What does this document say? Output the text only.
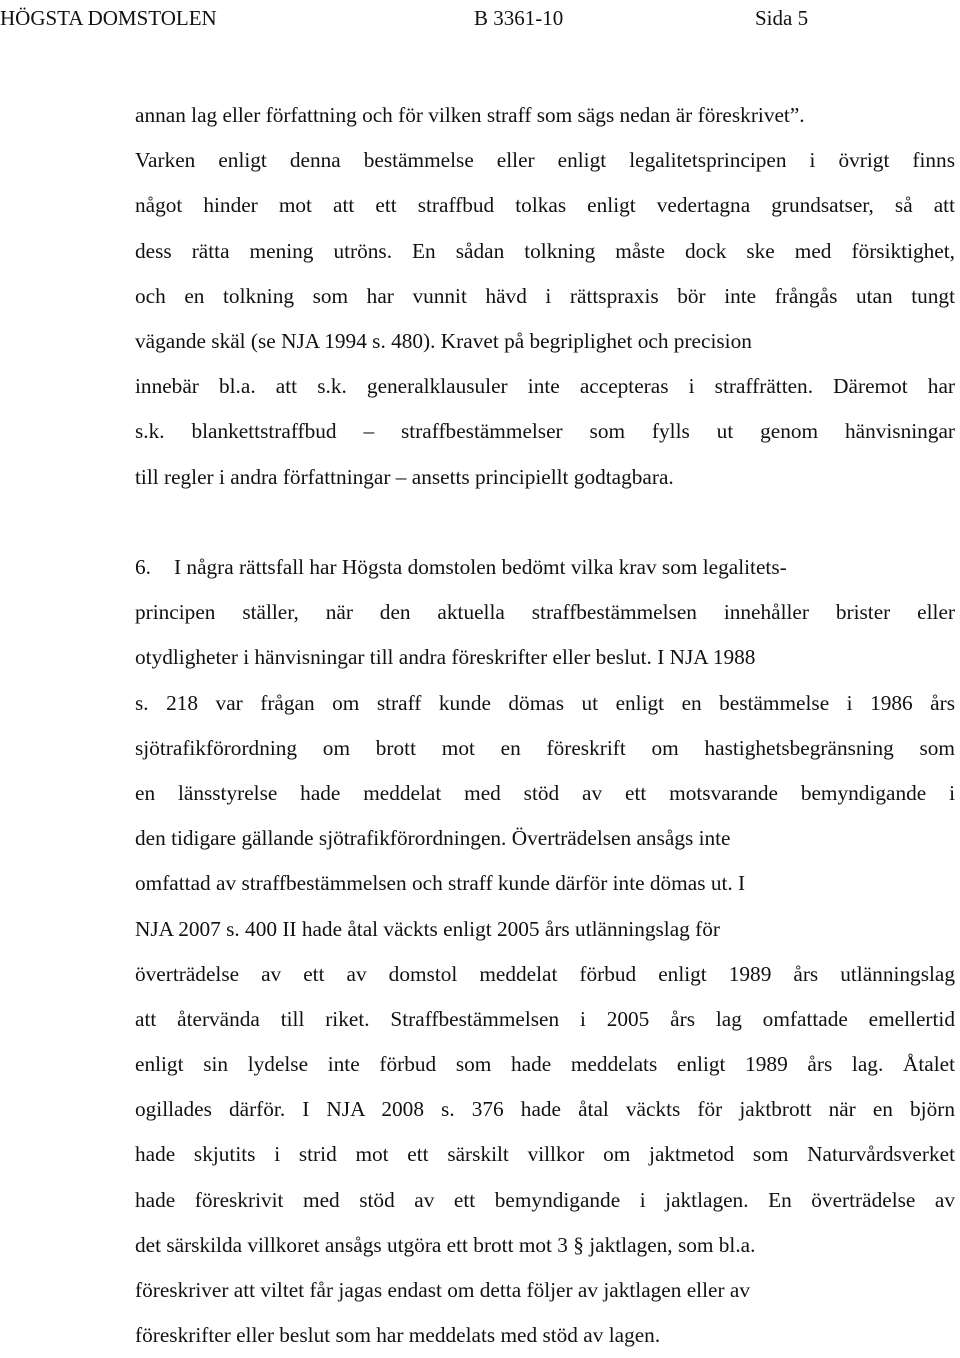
HÖGSTA DOMSTOLEN	B 3361-10	Sida 5
annan lag eller författning och för vilken straff som sägs nedan är föreskrivet”.
Varken enligt denna bestämmelse eller enligt legalitetsprincipen i övrigt finns
något hinder mot att ett straffbud tolkas enligt vedertagna grundsatser, så att
dess rätta mening utröns. En sådan tolkning måste dock ske med försiktighet,
och en tolkning som har vunnit hävd i rättspraxis bör inte frångås utan tungt
vägande skäl (se NJA 1994 s. 480). Kravet på begriplighet och precision
innebär bl.a. att s.k. generalklausuler inte accepteras i straffrätten. Däremot har
s.k. blankettstraffbud – straffbestämmelser som fylls ut genom hänvisningar
till regler i andra författningar – ansetts principiellt godtagbara.
6. I några rättsfall har Högsta domstolen bedömt vilka krav som legalitets-
principen ställer, när den aktuella straffbestämmelsen innehåller brister eller
otydligheter i hänvisningar till andra föreskrifter eller beslut. I NJA 1988
s. 218 var frågan om straff kunde dömas ut enligt en bestämmelse i 1986 års
sjötrafikförordning om brott mot en föreskrift om hastighetsbegränsning som
en länsstyrelse hade meddelat med stöd av ett motsvarande bemyndigande i
den tidigare gällande sjötrafikförordningen. Överträdelsen ansågs inte
omfattad av straffbestämmelsen och straff kunde därför inte dömas ut. I
NJA 2007 s. 400 II hade åtal väckts enligt 2005 års utlänningslag för
överträdelse av ett av domstol meddelat förbud enligt 1989 års utlänningslag
att återvända till riket. Straffbestämmelsen i 2005 års lag omfattade emellertid
enligt sin lydelse inte förbud som hade meddelats enligt 1989 års lag. Åtalet
ogillades därför. I NJA 2008 s. 376 hade åtal väckts för jaktbrott när en björn
hade skjutits i strid mot ett särskilt villkor om jaktmetod som Naturvårdsverket
hade föreskrivit med stöd av ett bemyndigande i jaktlagen. En överträdelse av
det särskilda villkoret ansågs utgöra ett brott mot 3 § jaktlagen, som bl.a.
föreskriver att viltet får jagas endast om detta följer av jaktlagen eller av
föreskrifter eller beslut som har meddelats med stöd av lagen.
